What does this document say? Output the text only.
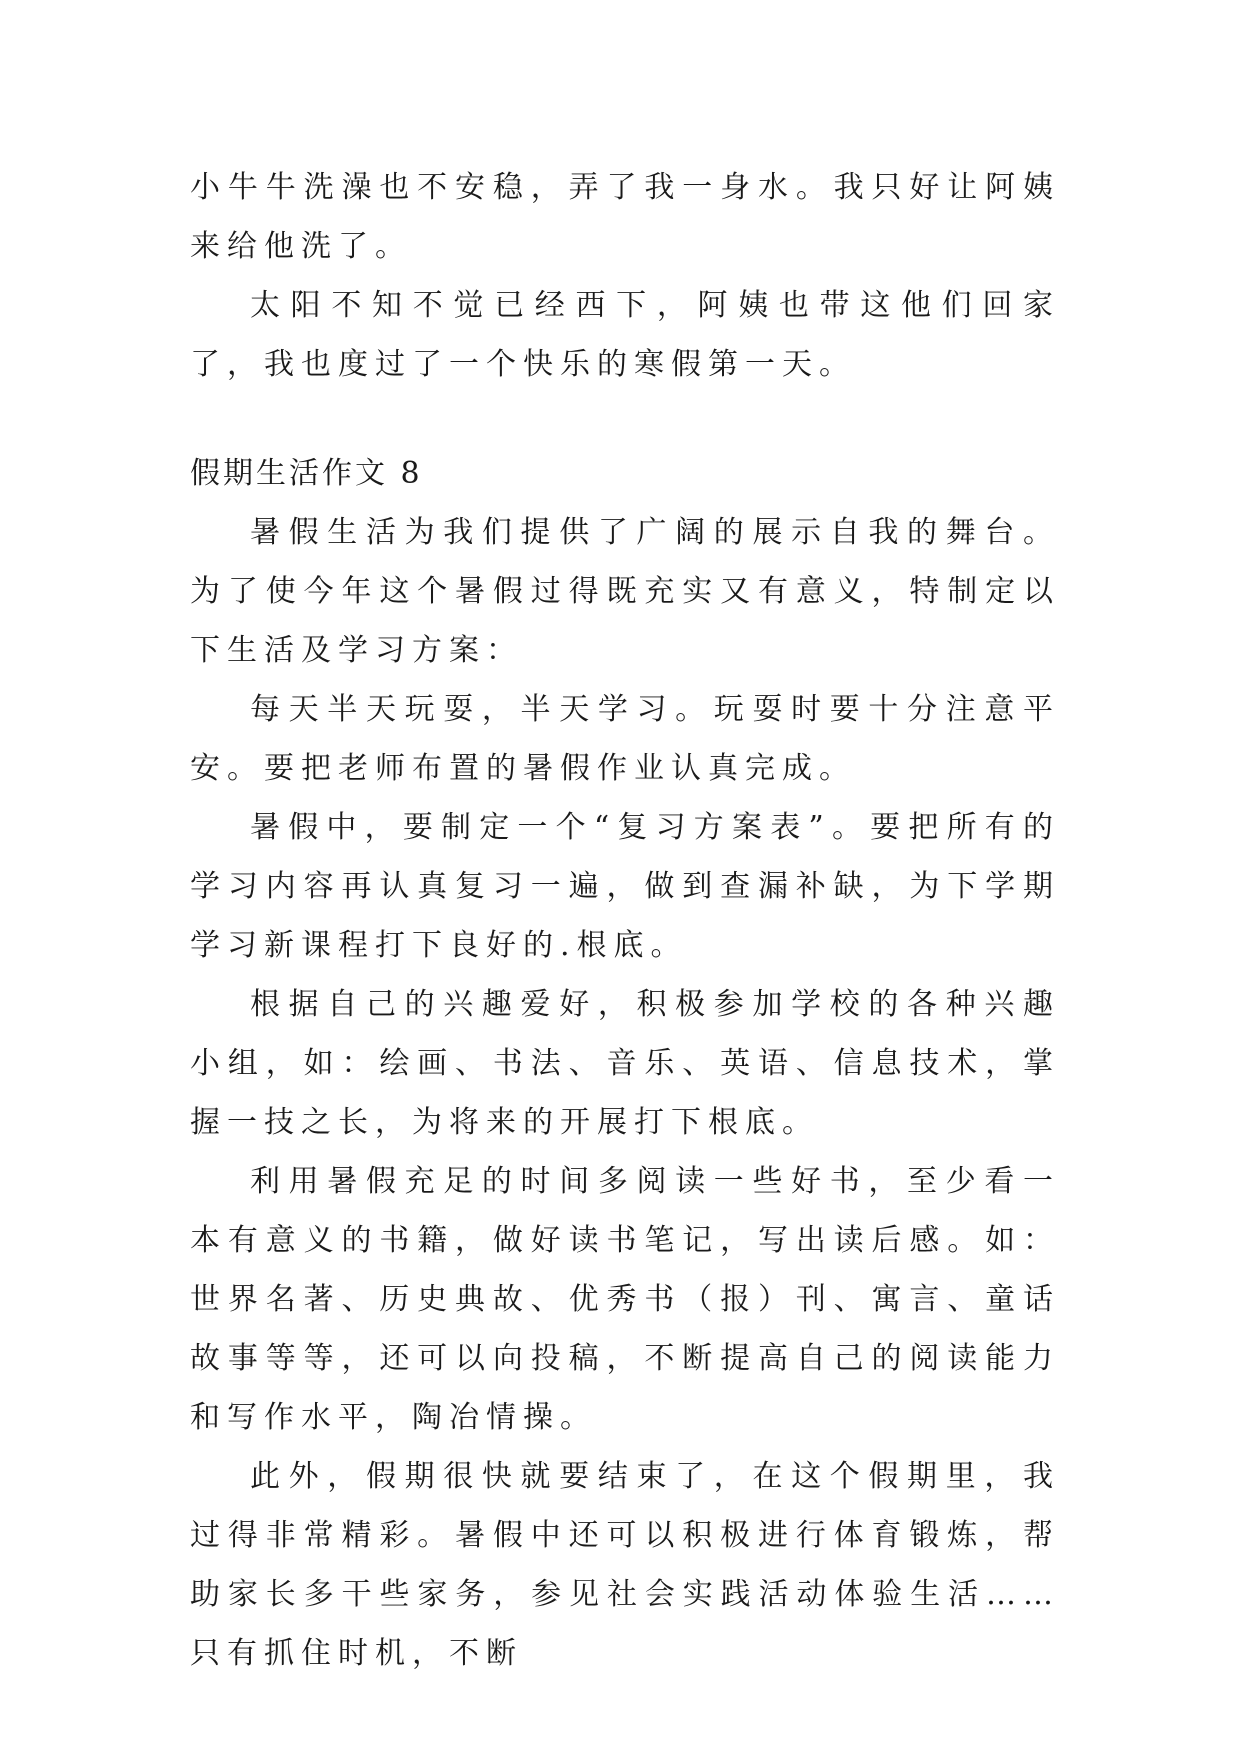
小牛牛洗澡也不安稳，弄了我一身水。我只好让阿姨来给他洗了。

太阳不知不觉已经西下，阿姨也带这他们回家了，我也度过了一个快乐的寒假第一天。

假期生活作文 8

暑假生活为我们提供了广阔的展示自我的舞台。为了使今年这个暑假过得既充实又有意义，特制定以下生活及学习方案：

每天半天玩耍，半天学习。玩耍时要十分注意平安。要把老师布置的暑假作业认真完成。

暑假中，要制定一个“复习方案表”。要把所有的学习内容再认真复习一遍，做到查漏补缺，为下学期学习新课程打下良好的.根底。

根据自己的兴趣爱好，积极参加学校的各种兴趣小组，如：绘画、书法、音乐、英语、信息技术，掌握一技之长，为将来的开展打下根底。

利用暑假充足的时间多阅读一些好书，至少看一本有意义的书籍，做好读书笔记，写出读后感。如：世界名著、历史典故、优秀书（报）刊、寓言、童话故事等等，还可以向投稿，不断提高自己的阅读能力和写作水平，陶冶情操。

此外，假期很快就要结束了，在这个假期里，我过得非常精彩。暑假中还可以积极进行体育锻炼，帮助家长多干些家务，参见社会实践活动体验生活……只有抓住时机，不断
